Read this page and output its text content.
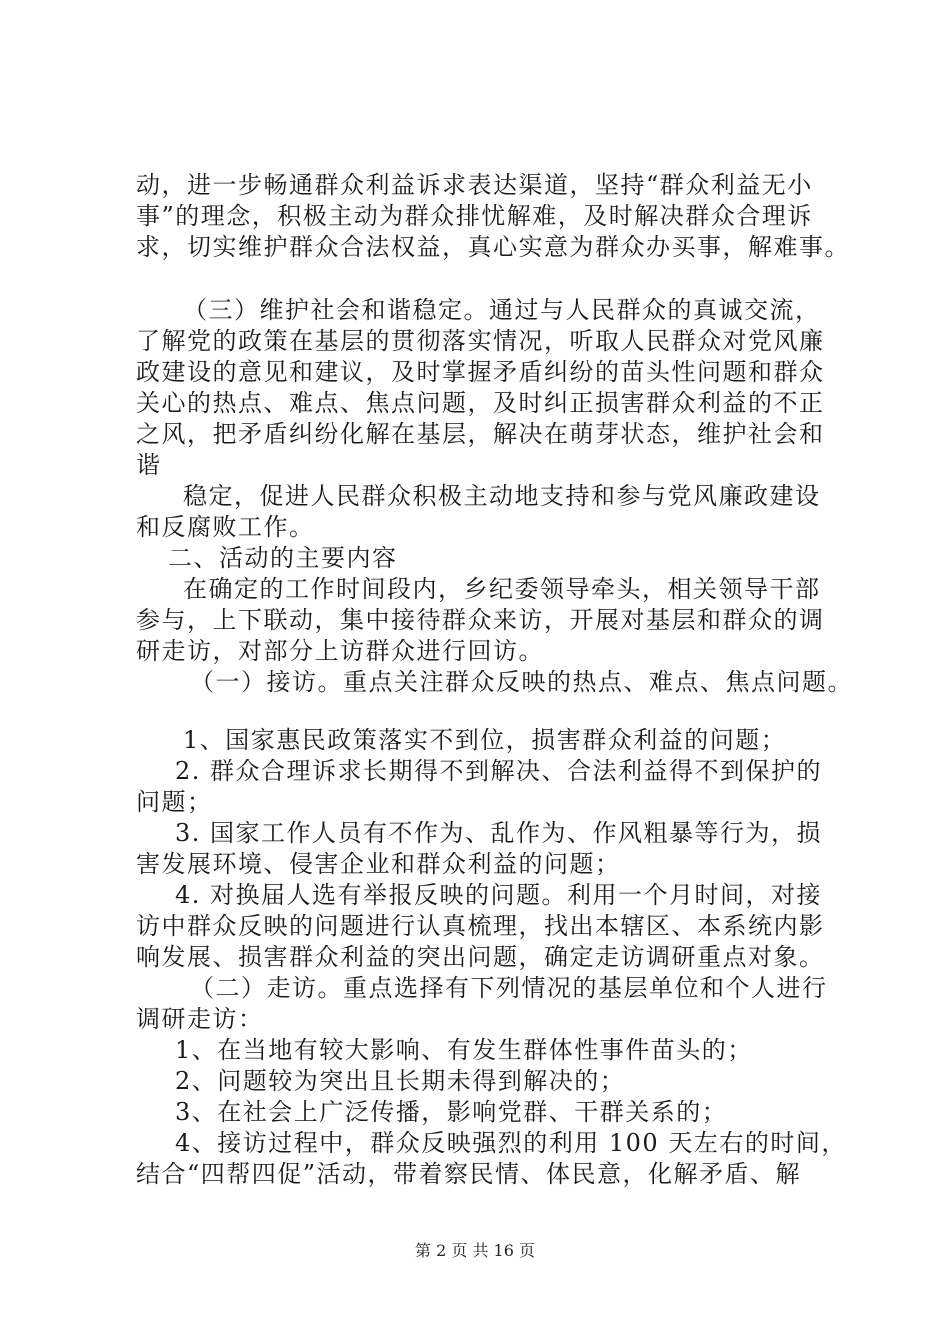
动，进一步畅通群众利益诉求表达渠道，坚持“群众利益无小
事”的理念，积极主动为群众排忧解难，及时解决群众合理诉
求，切实维护群众合法权益，真心实意为群众办买事，解难事。
（三）维护社会和谐稳定。通过与人民群众的真诚交流，
了解党的政策在基层的贯彻落实情况，听取人民群众对党风廉
政建设的意见和建议，及时掌握矛盾纠纷的苗头性问题和群众
关心的热点、难点、焦点问题，及时纠正损害群众利益的不正
之风，把矛盾纠纷化解在基层，解决在萌芽状态，维护社会和
谐
稳定，促进人民群众积极主动地支持和参与党风廉政建设
和反腐败工作。
二、活动的主要内容
在确定的工作时间段内，乡纪委领导牵头，相关领导干部
参与，上下联动，集中接待群众来访，开展对基层和群众的调
研走访，对部分上访群众进行回访。
（一）接访。重点关注群众反映的热点、难点、焦点问题。
1、国家惠民政策落实不到位，损害群众利益的问题；
2. 群众合理诉求长期得不到解决、合法利益得不到保护的
问题；
3. 国家工作人员有不作为、乱作为、作风粗暴等行为，损
害发展环境、侵害企业和群众利益的问题；
4. 对换届人选有举报反映的问题。利用一个月时间，对接
访中群众反映的问题进行认真梳理，找出本辖区、本系统内影
响发展、损害群众利益的突出问题，确定走访调研重点对象。
（二）走访。重点选择有下列情况的基层单位和个人进行
调研走访：
1、在当地有较大影响、有发生群体性事件苗头的；
2、问题较为突出且长期未得到解决的；
3、在社会上广泛传播，影响党群、干群关系的；
4、接访过程中，群众反映强烈的利用 100 天左右的时间，
结合“四帮四促”活动，带着察民情、体民意，化解矛盾、解
第 2 页 共 16 页
